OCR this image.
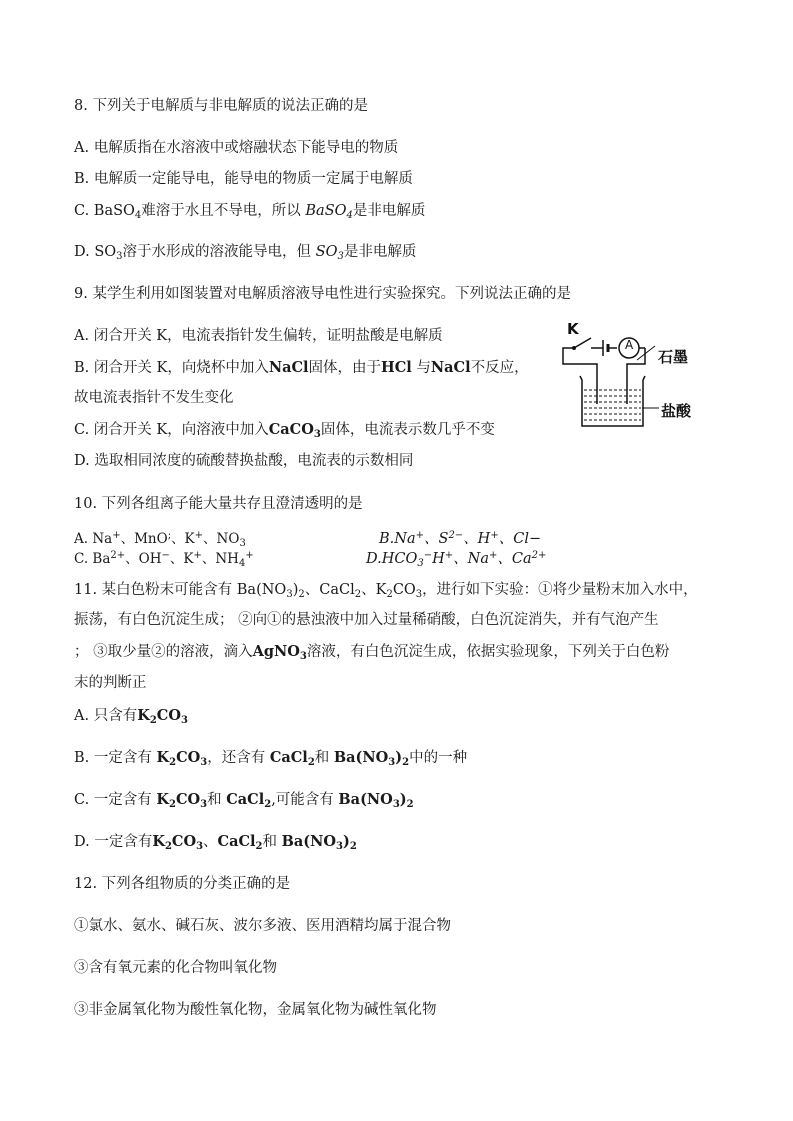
8. 下列关于电解质与非电解质的说法正确的是
A. 电解质指在水溶液中或熔融状态下能导电的物质
B. 电解质一定能导电，能导电的物质一定属于电解质
C. BaSO$_4$难溶于水且不导电，所以 BaSO$_4$是非电解质
D. $SO_3$溶于水形成的溶液能导电，但 $SO_3$是非电解质
9. 某学生利用如图装置对电解质溶液导电性进行实验探究。下列说法正确的是
A. 闭合开关 K，电流表指针发生偏转，证明盐酸是电解质
B. 闭合开关 K，向烧杯中加入NaCl固体，由于HCl 与NaCl不反应，
故电流表指针不发生变化
C. 闭合开关 K，向溶液中加入CaCO$_3$固体，电流表示数几乎不变
D. 选取相同浓度的硫酸替换盐酸，电流表的示数相同
K
A
石墨
盐酸
10. 下列各组离子能大量共存且澄清透明的是
A. Na+、MnO;、K+、$NO_3$	B.Na+、$S^{2-}$、H+、Cl−
C. $Ba^{2+}$、OH−、K+、$NH_4^+$	$D.HCO_3^-H^+$、Na+、$Ca^{2+}$
11. 某白色粉末可能含有 $Ba(NO_3)_2$、CaCl$_2$、$K_2CO_3$，进行如下实验：①将少量粉末加入水中，
振荡，有白色沉淀生成； ②向①的悬浊液中加入过量稀硝酸，白色沉淀消失，并有气泡产生
； ③取少量②的溶液，滴入AgNO$_3$溶液，有白色沉淀生成，依据实验现象，下列关于白色粉
末的判断正
A. 只含有$K_2CO_3$
B. 一定含有 $K_2CO_3$，还含有 CaCl$_2$和 $Ba(NO_3)_2$中的一种
C. 一定含有 $K_2CO_3$和 CaCl$_2$,可能含有 $Ba(NO_3)_2$
D. 一定含有$K_2CO_3$、CaCl$_2$和 $Ba(NO_3)_2$
12. 下列各组物质的分类正确的是
①氯水、氨水、碱石灰、波尔多液、医用酒精均属于混合物
③含有氧元素的化合物叫氧化物
③非金属氧化物为酸性氧化物，金属氧化物为碱性氧化物
